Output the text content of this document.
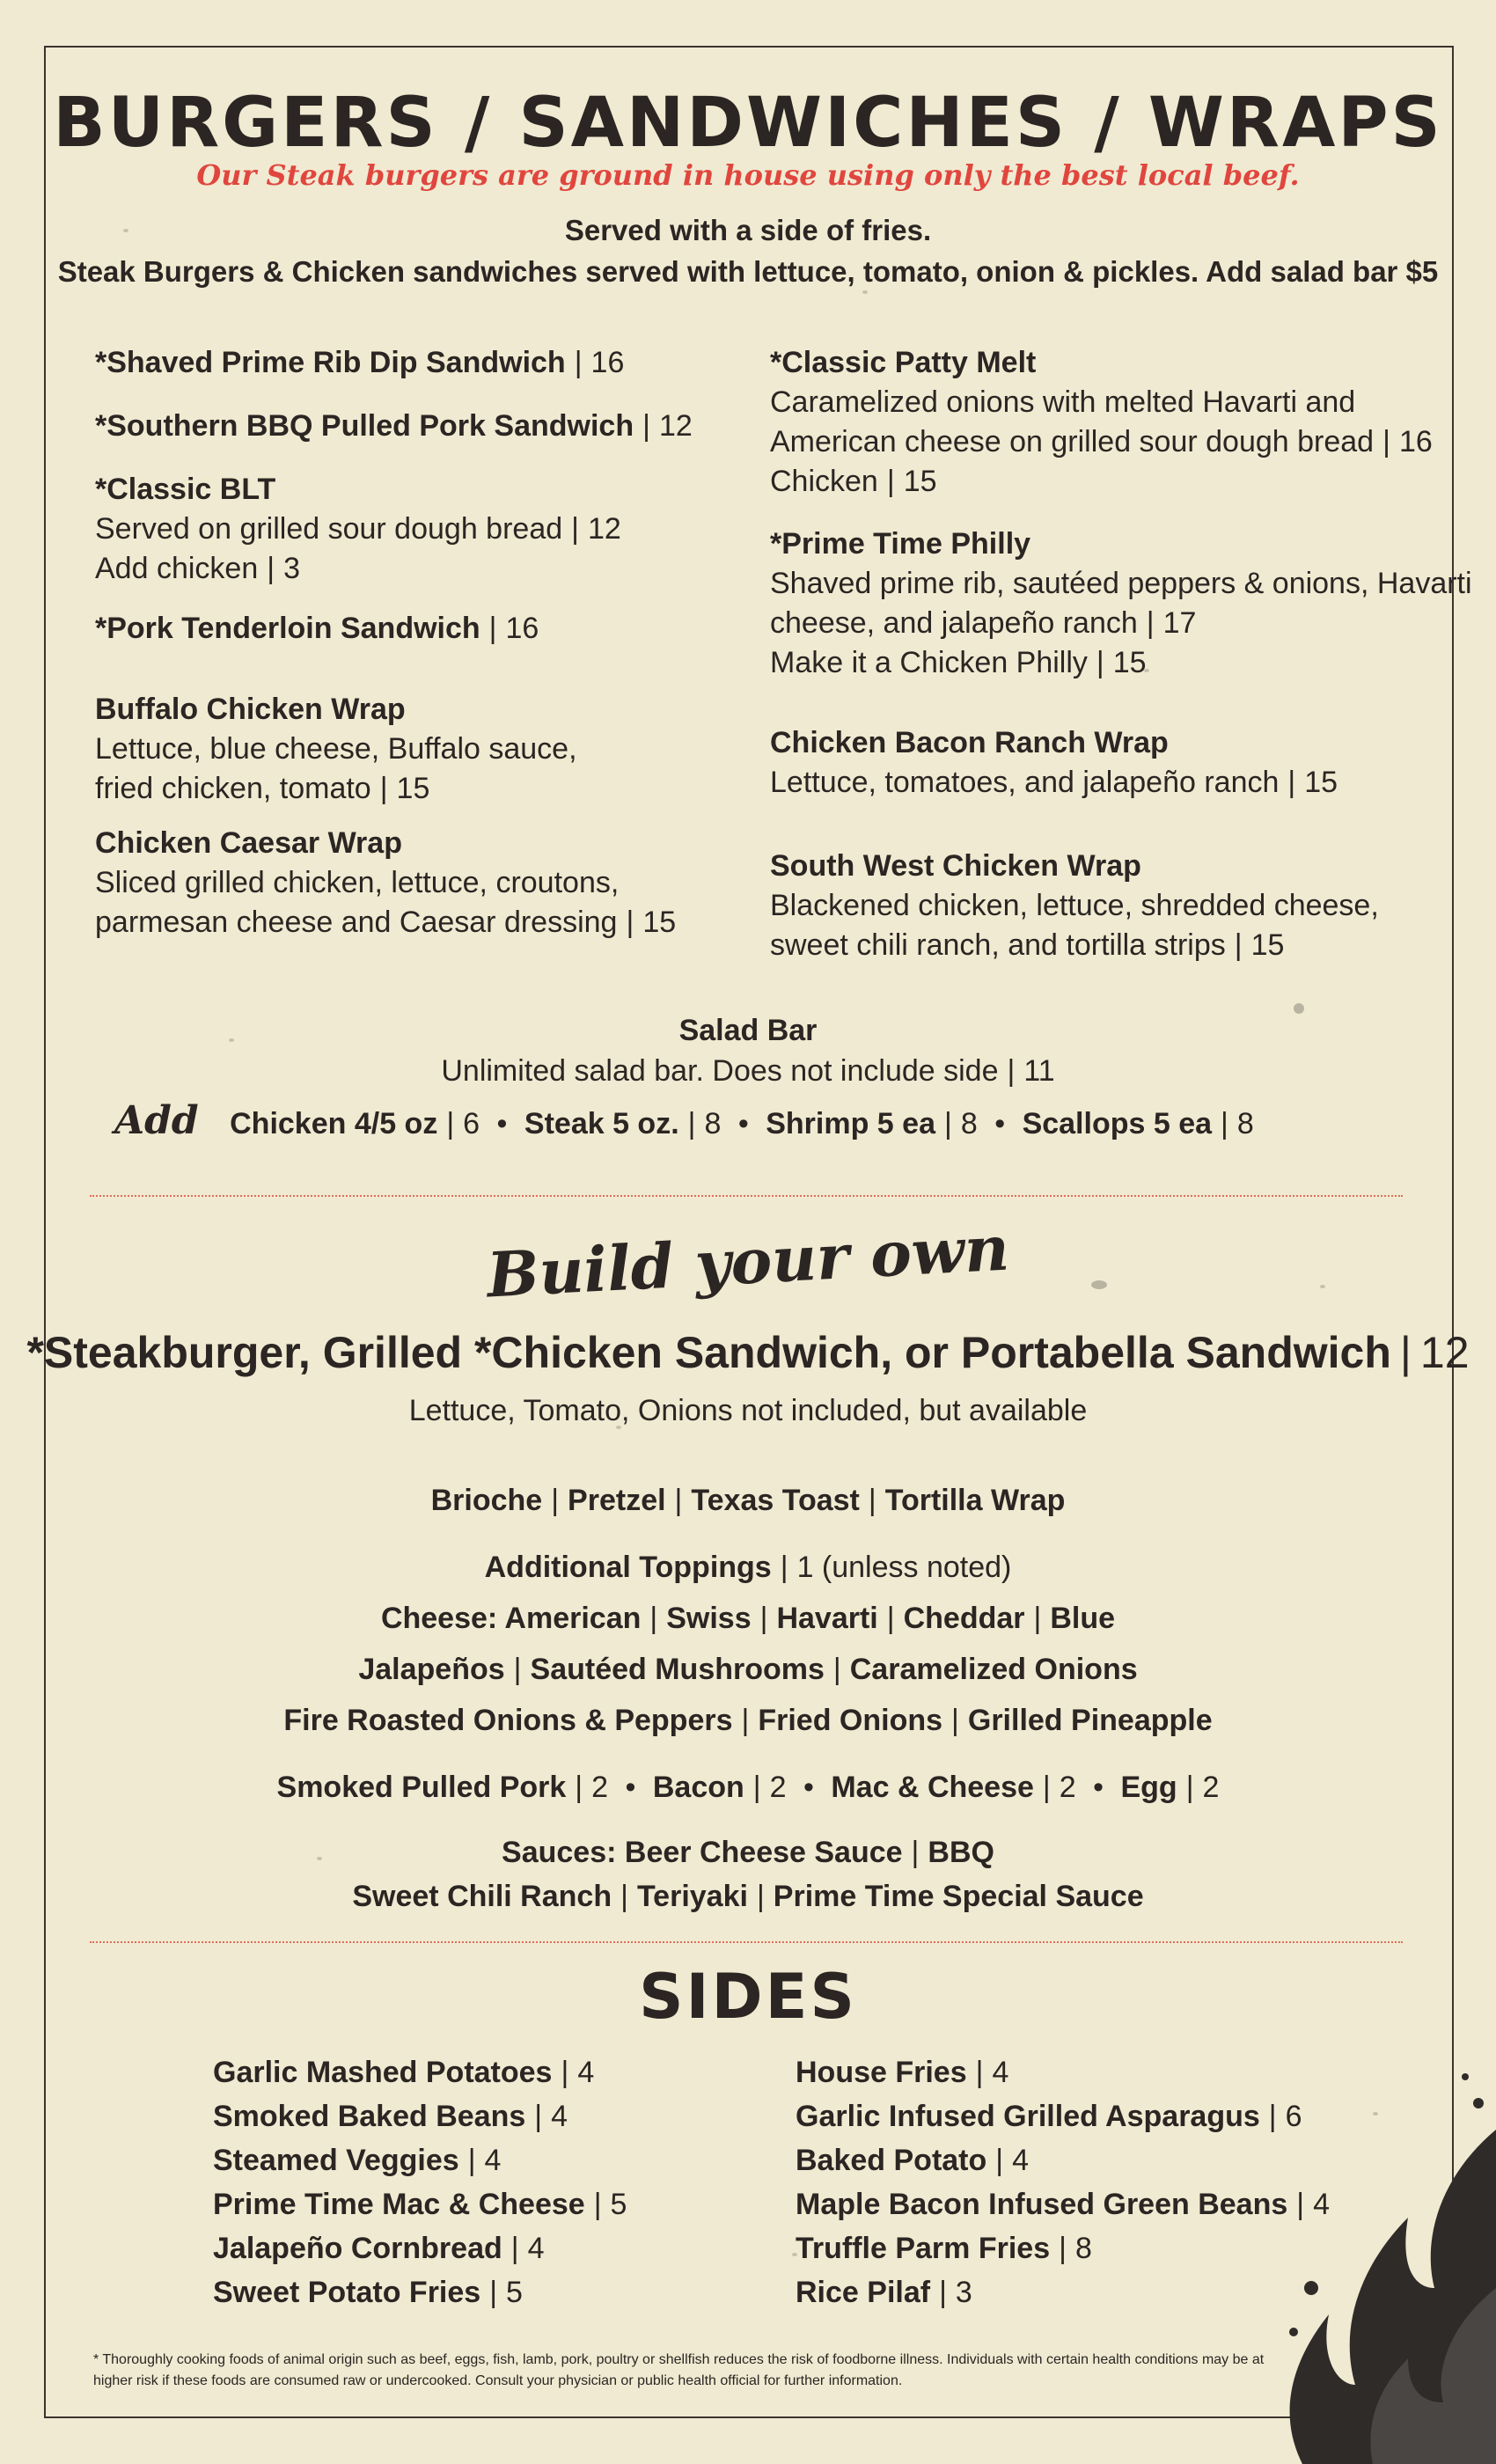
BURGERS / SANDWICHES / WRAPS
Our Steak burgers are ground in house using only the best local beef.
Served with a side of fries.
Steak Burgers & Chicken sandwiches served with lettuce, tomato, onion & pickles. Add salad bar $5
*Shaved Prime Rib Dip Sandwich | 16
*Southern BBQ Pulled Pork Sandwich | 12
*Classic BLT
Served on grilled sour dough bread | 12
Add chicken | 3
*Pork Tenderloin Sandwich | 16
Buffalo Chicken Wrap
Lettuce, blue cheese, Buffalo sauce,
fried chicken, tomato | 15
Chicken Caesar Wrap
Sliced grilled chicken, lettuce, croutons,
parmesan cheese and Caesar dressing | 15
*Classic Patty Melt
Caramelized onions with melted Havarti and
American cheese on grilled sour dough bread | 16
Chicken | 15
*Prime Time Philly
Shaved prime rib, sautéed peppers & onions, Havarti
cheese, and jalapeño ranch | 17
Make it a Chicken Philly | 15
Chicken Bacon Ranch Wrap
Lettuce, tomatoes, and jalapeño ranch | 15
South West Chicken Wrap
Blackened chicken, lettuce, shredded cheese,
sweet chili ranch, and tortilla strips | 15
Salad Bar
Unlimited salad bar. Does not include side | 11
Add Chicken 4/5 oz | 6 • Steak 5 oz. | 8 • Shrimp 5 ea | 8 • Scallops 5 ea | 8
Build your own
*Steakburger, Grilled *Chicken Sandwich, or Portabella Sandwich | 12
Lettuce, Tomato, Onions not included, but available
Brioche | Pretzel | Texas Toast | Tortilla Wrap
Additional Toppings | 1 (unless noted)
Cheese: American | Swiss | Havarti | Cheddar | Blue
Jalapeños | Sautéed Mushrooms | Caramelized Onions
Fire Roasted Onions & Peppers | Fried Onions | Grilled Pineapple
Smoked Pulled Pork | 2 • Bacon | 2 • Mac & Cheese | 2 • Egg | 2
Sauces: Beer Cheese Sauce | BBQ
Sweet Chili Ranch | Teriyaki | Prime Time Special Sauce
SIDES
Garlic Mashed Potatoes | 4
Smoked Baked Beans | 4
Steamed Veggies | 4
Prime Time Mac & Cheese | 5
Jalapeño Cornbread | 4
Sweet Potato Fries | 5
House Fries | 4
Garlic Infused Grilled Asparagus | 6
Baked Potato | 4
Maple Bacon Infused Green Beans | 4
Truffle Parm Fries | 8
Rice Pilaf | 3
* Thoroughly cooking foods of animal origin such as beef, eggs, fish, lamb, pork, poultry or shellfish reduces the risk of foodborne illness. Individuals with certain health conditions may be at higher risk if these foods are consumed raw or undercooked. Consult your physician or public health official for further information.
